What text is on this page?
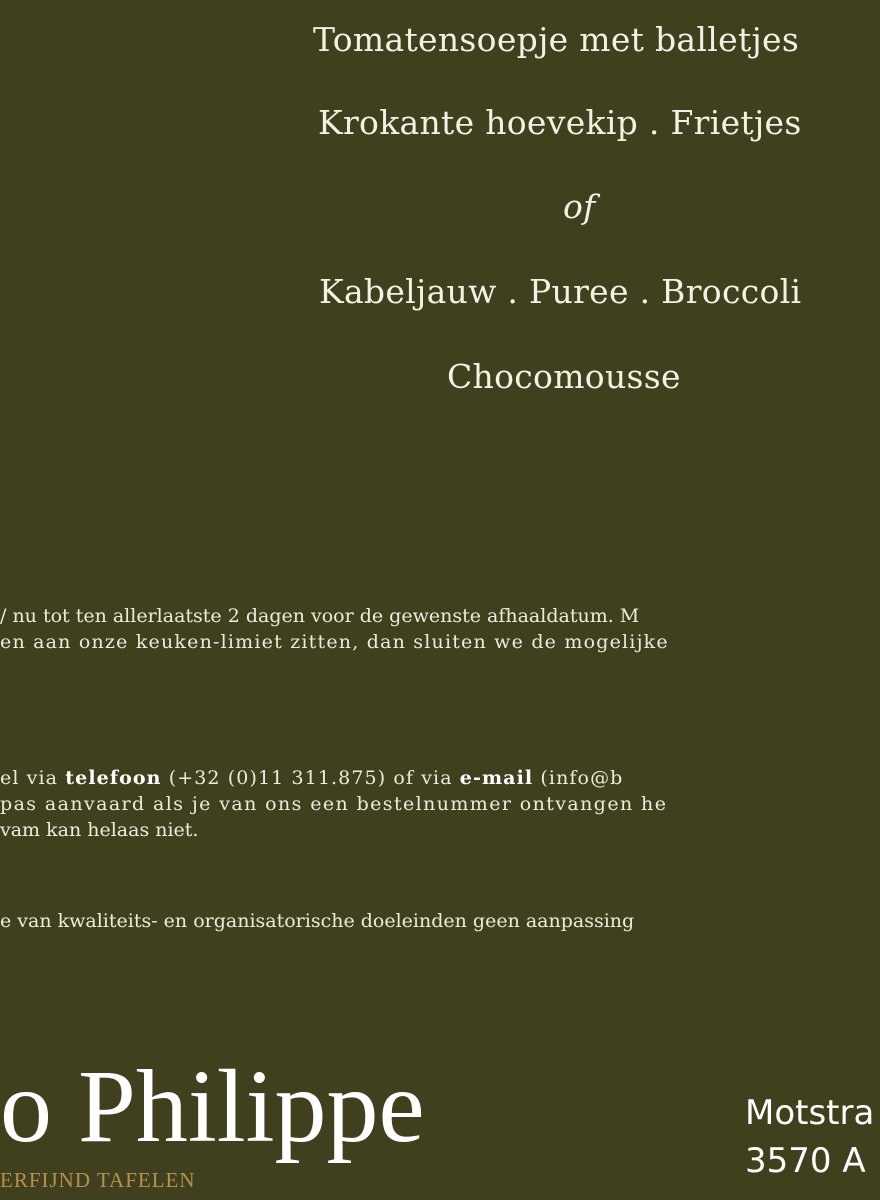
Tomatensoepje met balletjes
Krokante hoevekip . Frietjes
of
Kabeljauw . Puree . Broccoli
Chocomousse
/ nu tot ten allerlaatste 2 dagen voor de gewenste afhaaldatum. M
en aan onze keuken-limiet zitten, dan sluiten we de mogelijke
el via telefoon (+32 (0)11 311.875) of via e-mail (info@b
pas aanvaard als je van ons een bestelnummer ontvangen he
vam kan helaas niet.
e van kwaliteits- en organisatorische doeleinden geen aanpassing
o Philippe
ERFIJND TAFELEN
Motstra
3570 A
